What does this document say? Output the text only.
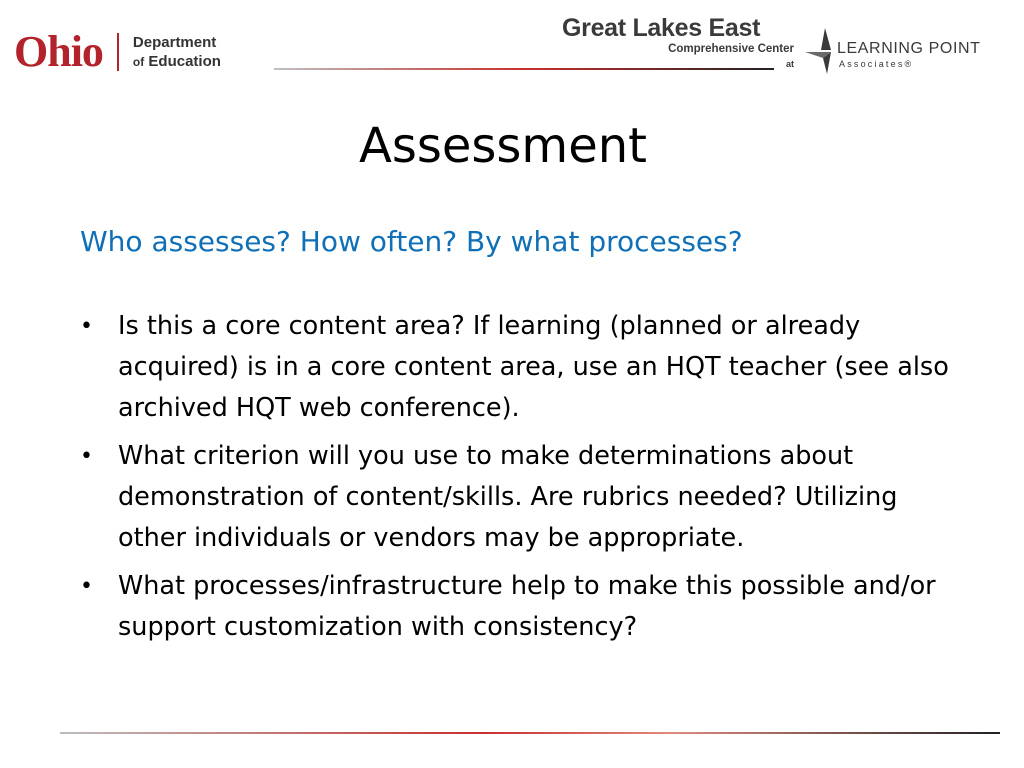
Ohio Department
of Education
Great Lakes East
Comprehensive Center
at
LEARNING POINT
Associates®
Assessment
Who assesses? How often? By what processes?
• Is this a core content area? If learning (planned or already acquired) is in a core content area, use an HQT teacher (see also archived HQT web conference).
• What criterion will you use to make determinations about demonstration of content/skills. Are rubrics needed? Utilizing other individuals or vendors may be appropriate.
• What processes/infrastructure help to make this possible and/or support customization with consistency?
